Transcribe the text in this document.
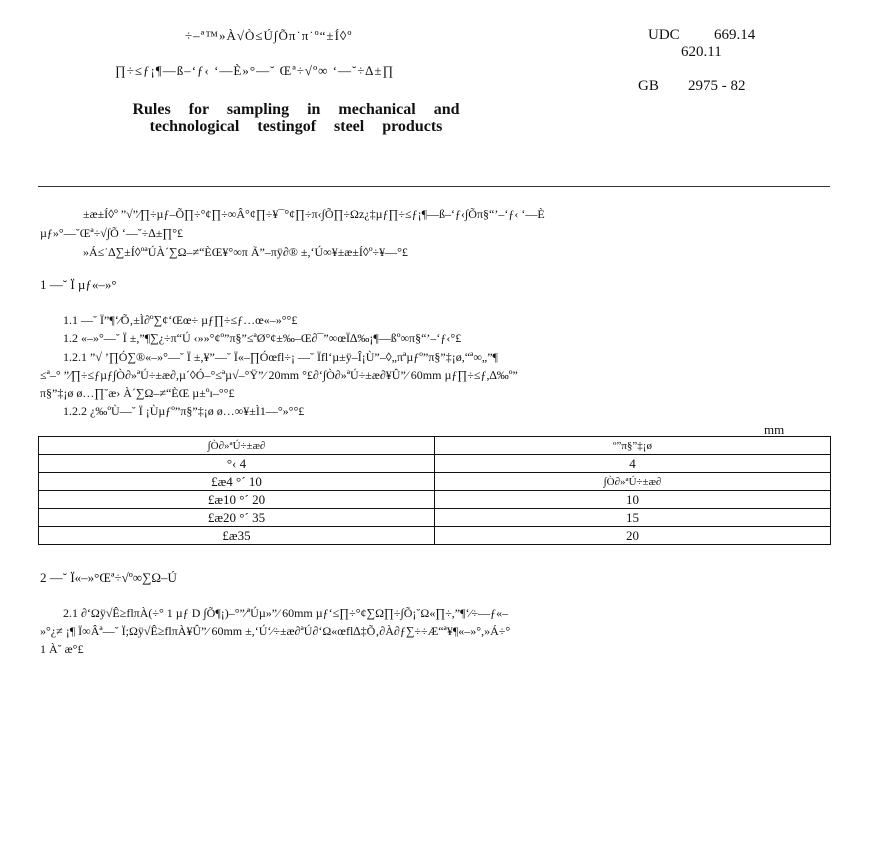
÷–ª™»À√Ò≤Ú∫Õπ˙π˙º“±Í◊º
∏÷≤ƒ¡¶—ß–‘ƒ‹ ‘—È»°—˘ Œª÷√º∞ ‘—˘÷∆±∏
UDC 669.14
620.11
GB 2975 ‐ 82
Rules for sampling in mechanical and
technological testingof steel products
±æ±Í◊º ”√”⁄∏÷µƒ–Õ∏÷°¢∏÷∞Â°¢∏÷¥¯°¢∏÷π‹∫Õ∏÷Ωz¿‡µƒ∏÷≤ƒ¡¶—ß–‘ƒ‹∫Õπ§“’–‘ƒ‹ ‘—È
µƒ»°—˘Œª÷√∫Õ ‘—˘÷∆±∏°£
»Á≤˙∆∑±Í◊ºªÚÀ´∑Ω–≠“ÈŒ¥°∞π Ã”–πÿ∂® ±,‘Ú∞¥±æ±Í◊º÷¥––°£
1 —˘ Ï µƒ«–»°
1.1 —˘ Ï”¶‘⁄Õ‚±Ì∂º∑¢‘Œœ÷ µƒ∏÷≤ƒ…œ«–»°°£
1.2 «–»°—˘ Ï ±,”¶∑¿÷π“Ú ‹»»°¢º”π§”≤ªØ°¢±‰–Œ∂¯”∞œÏ∆‰¡¶—ßº∞π§“’–‘ƒ‹°£
1.2.1 ”√ ’∏Ó∑®«–»°—˘ Ï ±,¥”—˘ Ï«–∏Óœfl÷¡ —˘ Ïfl‘µ±ÿ–Î¡Ù”–◊„πªµƒº”π§”‡¡ø,“ª∞„”¶
≤ª–° ”⁄∏÷≤ƒµƒ∫Ò∂»ªÚ÷±æ∂,µ´◊Ó–°≤ªµ√–°Ÿ”⁄ 20mm °£∂‘∫Ò∂»ªÚ÷±æ∂¥Û”⁄ 60mm µƒ∏÷≤ƒ,∆‰º”
π§”‡¡ø ø…∏˘æ› À´∑Ω–≠“ÈŒ µ±ºı–°°£
1.2.2 ¿‰ºÙ—˘ Ï ¡Ùµƒº”π§”‡¡ø ø…∞¥±Ì1—°»°°£
mm
∫Ò∂»ªÚ÷±æ∂	º”π§”‡¡ø
°‹ 4	4
£æ4 °´ 10	∫Ò∂»ªÚ÷±æ∂
£æ10 °´ 20	10
£æ20 °´ 35	15
£æ35	20
2 —˘ Ï«–»°Œª÷√º∞∑Ω–Ú
2.1 ∂‘Ωÿ√Ê≥flπÀ(÷° 1 µƒ D ∫Õ¶¡)–°”⁄ªÚµ»”⁄ 60mm µƒ‘≤∏÷°¢∑Ω∏÷∫Õ¡˘Ω«∏÷,”¶‘⁄÷––ƒ«–
»°¿≠ ¡¶ Ï∞Âª—˘ Ï;Ωÿ√Ê≥flπÀ¥Û”⁄ 60mm ±,‘Ú‘⁄÷±æ∂ªÚ∂‘Ω«œfl∆‡Õ‚∂À∂ƒ∑÷÷Æ“ª¥¶«–»°,»Á÷°
1 À˘ æ°£
